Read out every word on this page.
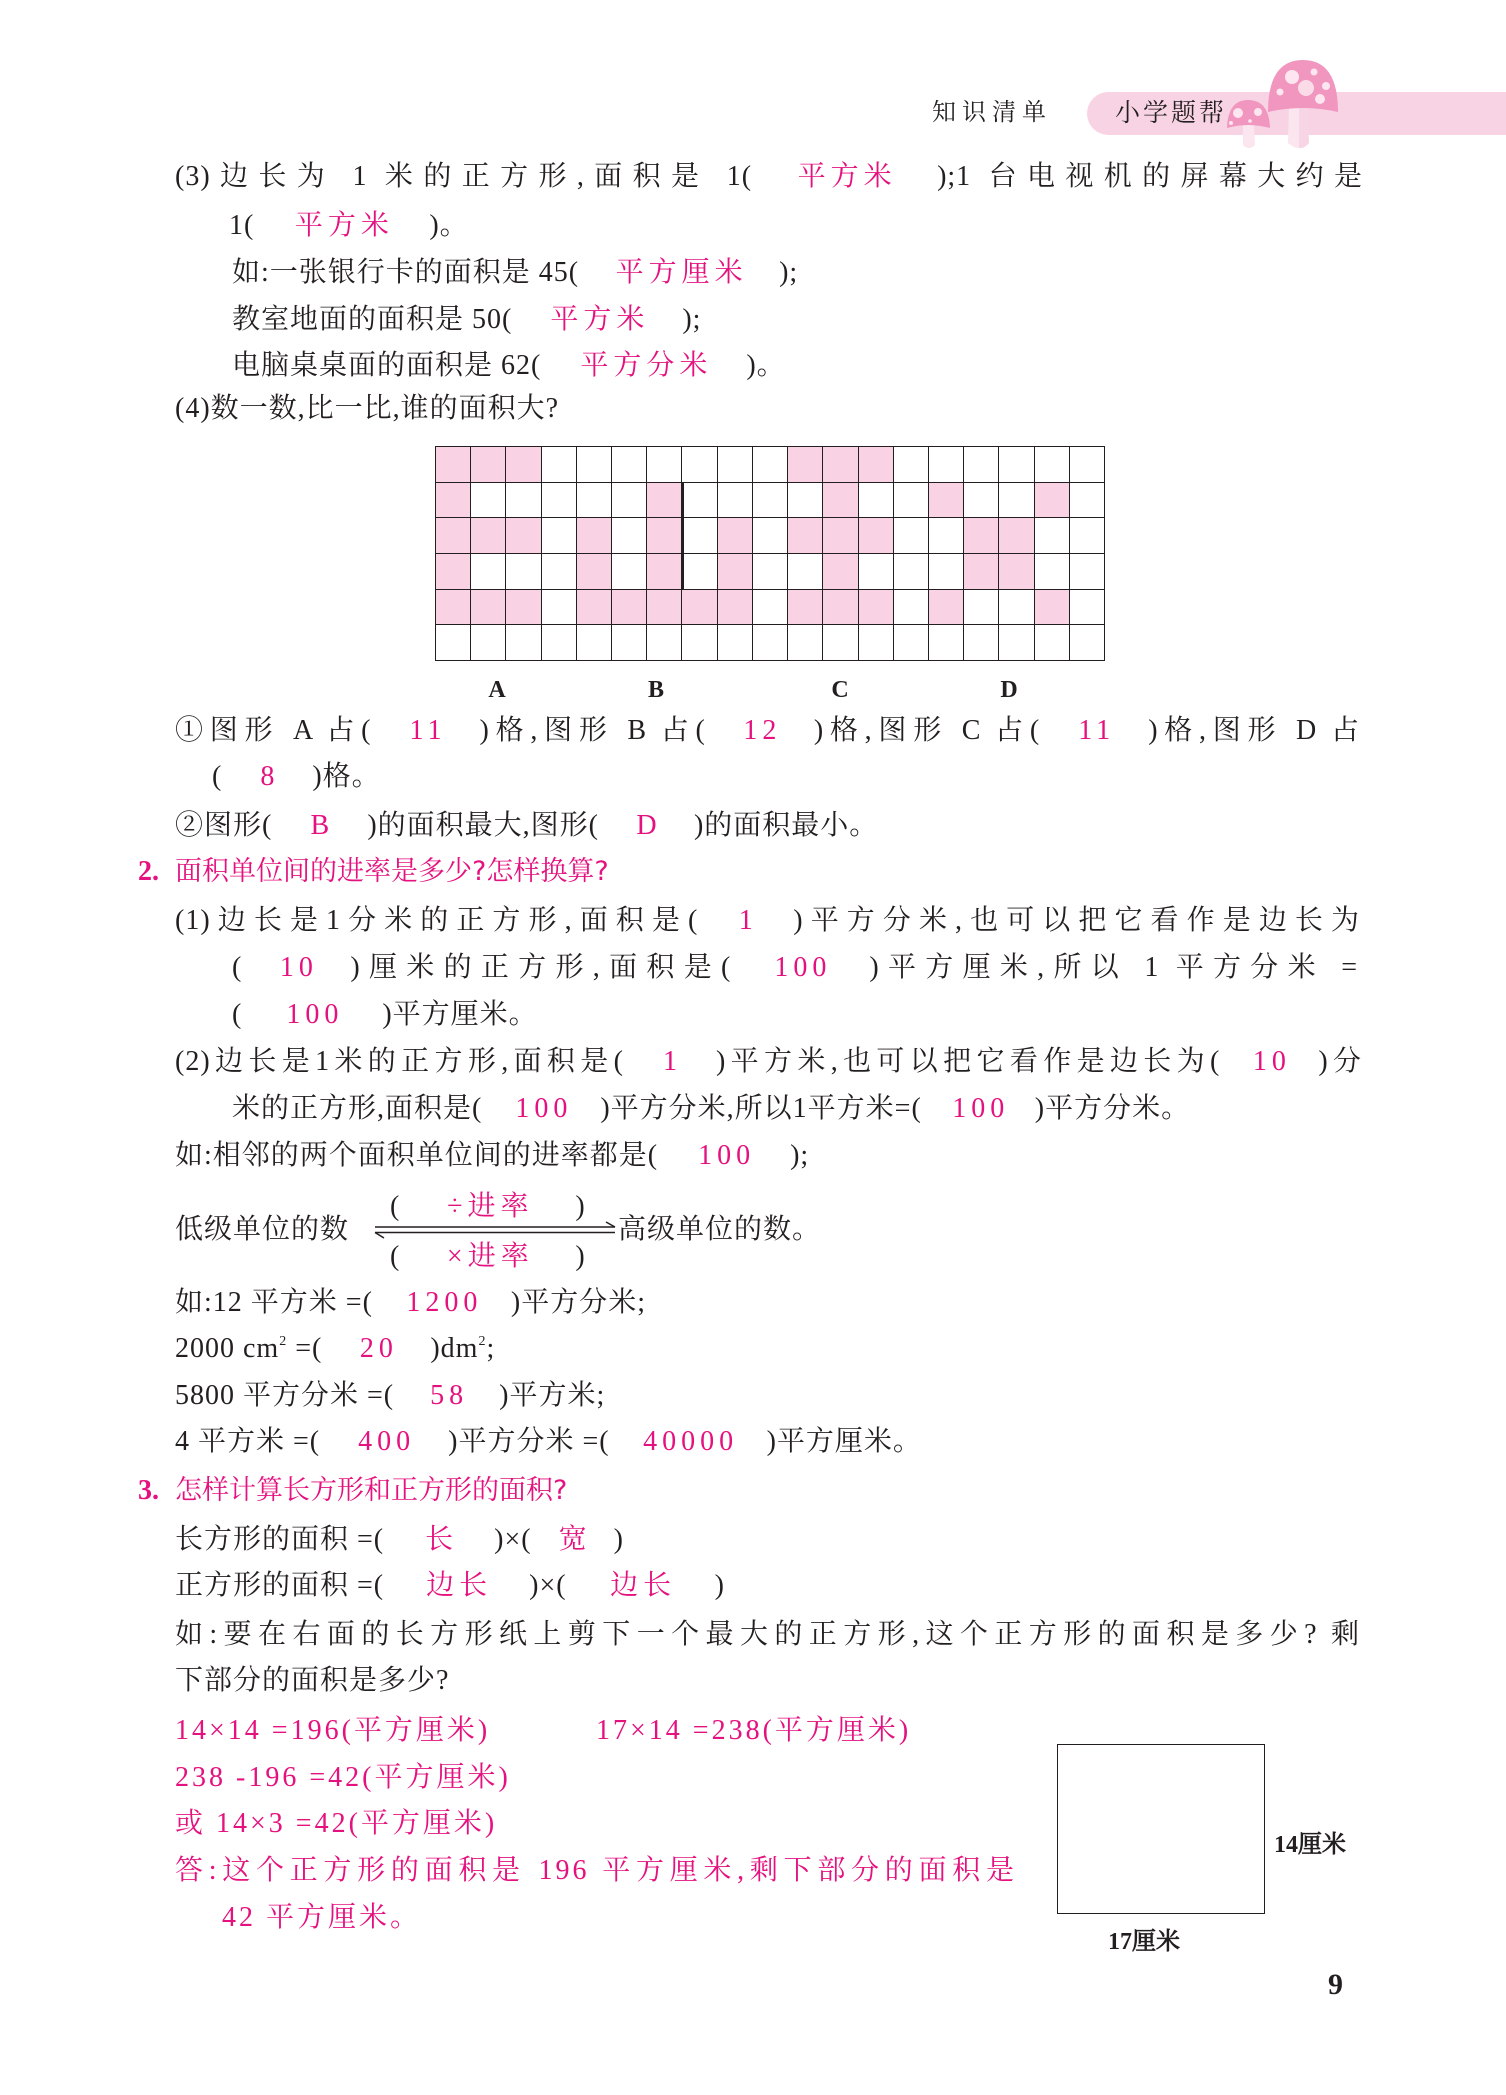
知识清单	小学题帮
(3)边长为 1 米的正方形,面积是 1( 平方米 );1 台电视机的屏幕大约是
1( 平方米 )。
如:一张银行卡的面积是 45( 平方厘米 );
教室地面的面积是 50( 平方米 );
电脑桌桌面的面积是 62( 平方分米 )。
(4)数一数,比一比,谁的面积大?
A	B	C	D
①图形 A 占( 11 )格,图形 B 占( 12 )格,图形 C 占( 11 )格,图形 D 占
( 8 )格。
②图形( B )的面积最大,图形( D )的面积最小。
2. 面积单位间的进率是多少?怎样换算?
(1)边长是1分米的正方形,面积是( 1 )平方分米,也可以把它看作是边长为
( 10 )厘米的正方形,面积是( 100 )平方厘米,所以 1 平方分米 =
( 100 )平方厘米。
(2)边长是1米的正方形,面积是( 1 )平方米,也可以把它看作是边长为( 10 )分
米的正方形,面积是( 100 )平方分米,所以1平方米=( 100 )平方分米。
如:相邻的两个面积单位间的进率都是( 100 );
( ÷进率 )
低级单位的数	高级单位的数。
( ×进率 )
如:12 平方米 =( 1200 )平方分米;
2000 $cm^2$ =( 20 )$dm^2$;
5800 平方分米 =( 58 )平方米;
4 平方米 =( 400 )平方分米 =( 40000 )平方厘米。
3. 怎样计算长方形和正方形的面积?
长方形的面积 =( 长 )×( 宽 )
正方形的面积 =( 边长 )×( 边长 )
如:要在右面的长方形纸上剪下一个最大的正方形,这个正方形的面积是多少? 剩
下部分的面积是多少?
14×14 =196(平方厘米)	17×14 =238(平方厘米)
238 -196 =42(平方厘米)
或 14×3 =42(平方厘米)
答:这个正方形的面积是 196 平方厘米,剩下部分的面积是
42 平方厘米。
14厘米
17厘米
9
